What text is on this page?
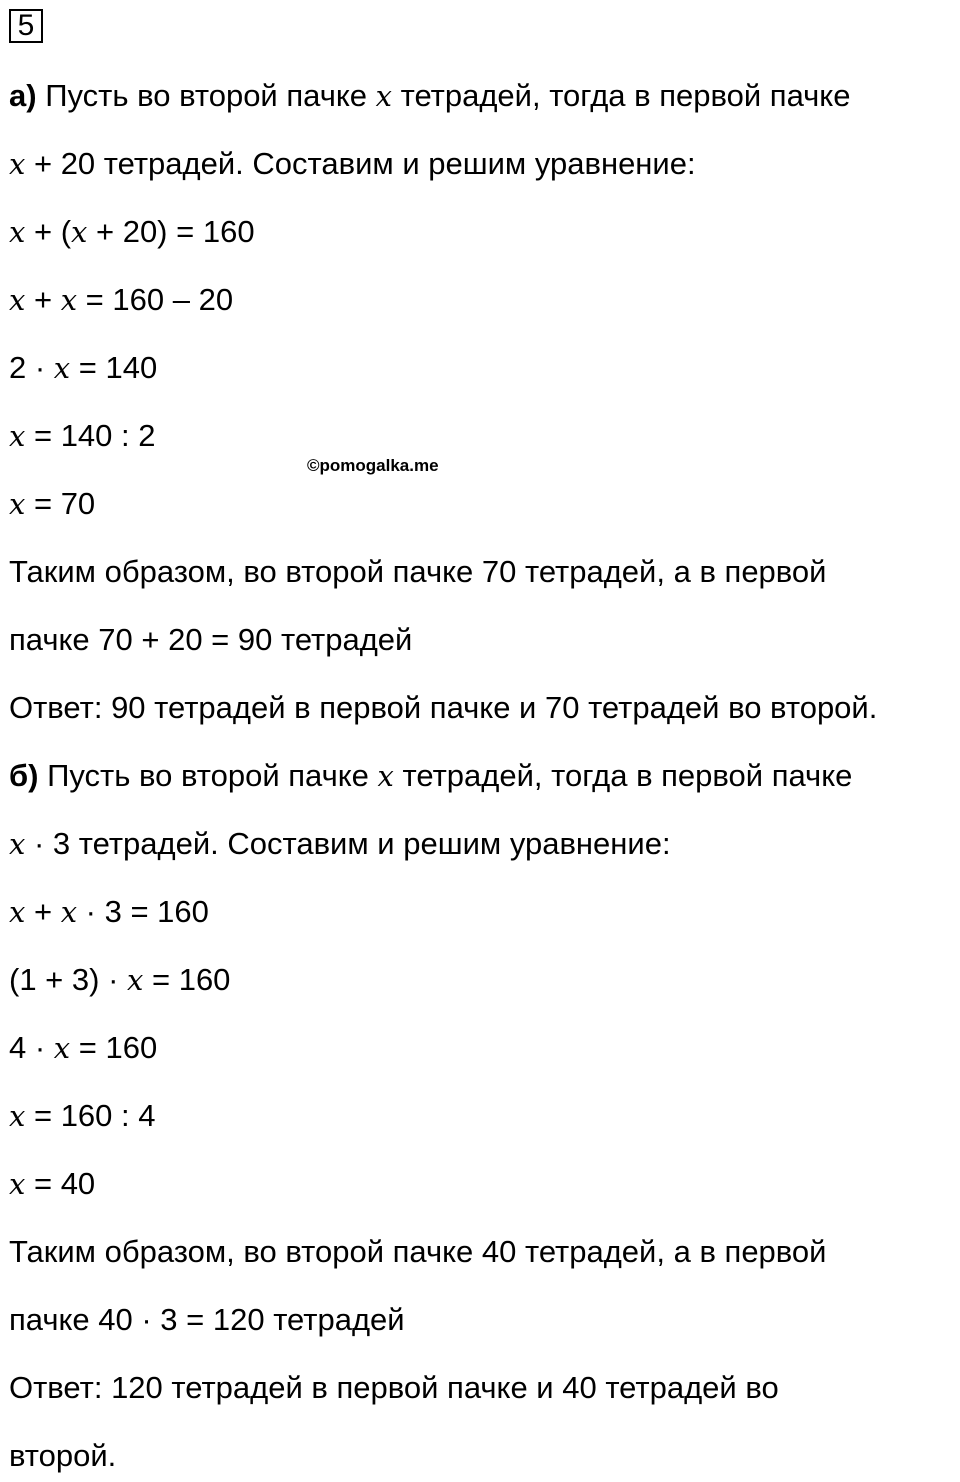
5
а) Пусть во второй пачке x тетрадей, тогда в первой пачке
x + 20 тетрадей. Составим и решим уравнение:
x + (x + 20) = 160
x + x = 160 – 20
2 · x = 140
x = 140 : 2
©pomogalka.me
x = 70
Таким образом, во второй пачке 70 тетрадей, а в первой
пачке 70 + 20 = 90 тетрадей
Ответ: 90 тетрадей в первой пачке и 70 тетрадей во второй.
б) Пусть во второй пачке x тетрадей, тогда в первой пачке
x · 3 тетрадей. Составим и решим уравнение:
x + x · 3 = 160
(1 + 3) · x = 160
4 · x = 160
x = 160 : 4
x = 40
Таким образом, во второй пачке 40 тетрадей, а в первой
пачке 40 · 3 = 120 тетрадей
Ответ: 120 тетрадей в первой пачке и 40 тетрадей во
второй.
